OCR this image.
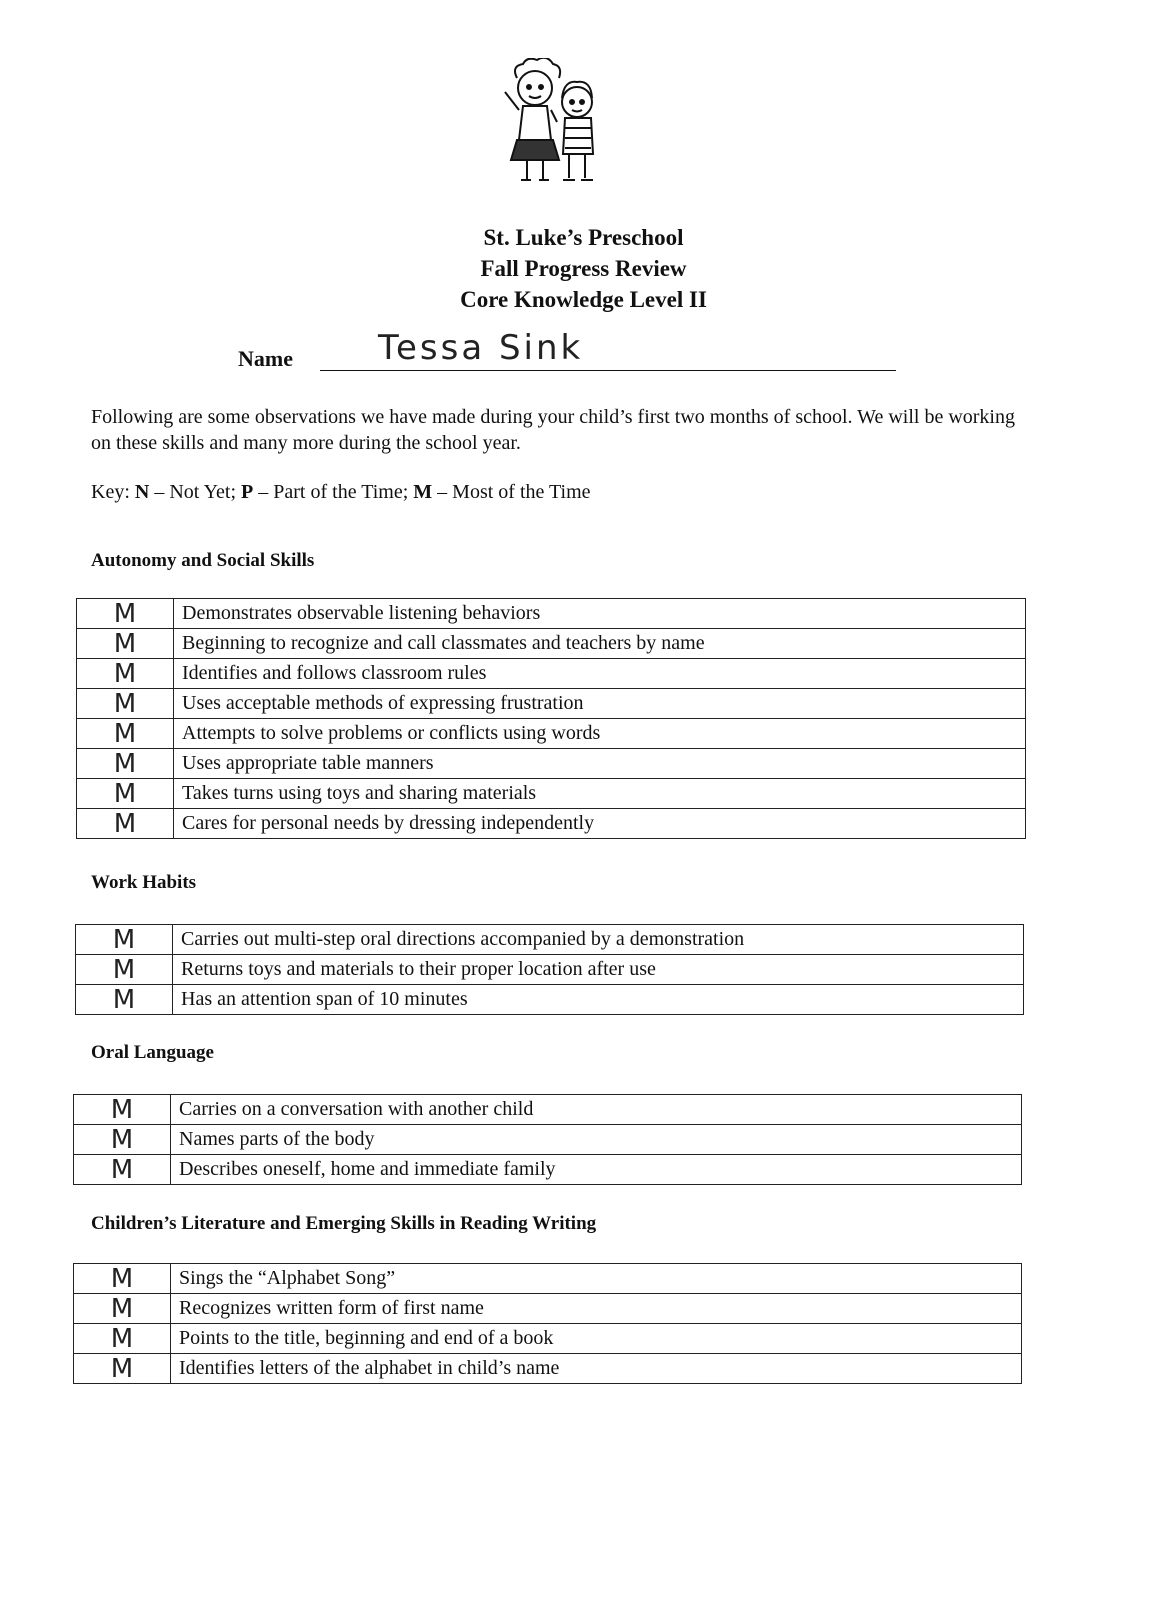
St. Luke’s Preschool
Fall Progress Review
Core Knowledge Level II
Name	Tessa Sink
Following are some observations we have made during your child’s first two months of school. We will be working on these skills and many more during the school year.
Key: N – Not Yet; P – Part of the Time; M – Most of the Time
Autonomy and Social Skills
M	Demonstrates observable listening behaviors
M	Beginning to recognize and call classmates and teachers by name
M	Identifies and follows classroom rules
M	Uses acceptable methods of expressing frustration
M	Attempts to solve problems or conflicts using words
M	Uses appropriate table manners
M	Takes turns using toys and sharing materials
M	Cares for personal needs by dressing independently
Work Habits
M	Carries out multi-step oral directions accompanied by a demonstration
M	Returns toys and materials to their proper location after use
M	Has an attention span of 10 minutes
Oral Language
M	Carries on a conversation with another child
M	Names parts of the body
M	Describes oneself, home and immediate family
Children’s Literature and Emerging Skills in Reading Writing
M	Sings the “Alphabet Song”
M	Recognizes written form of first name
M	Points to the title, beginning and end of a book
M	Identifies letters of the alphabet in child’s name
